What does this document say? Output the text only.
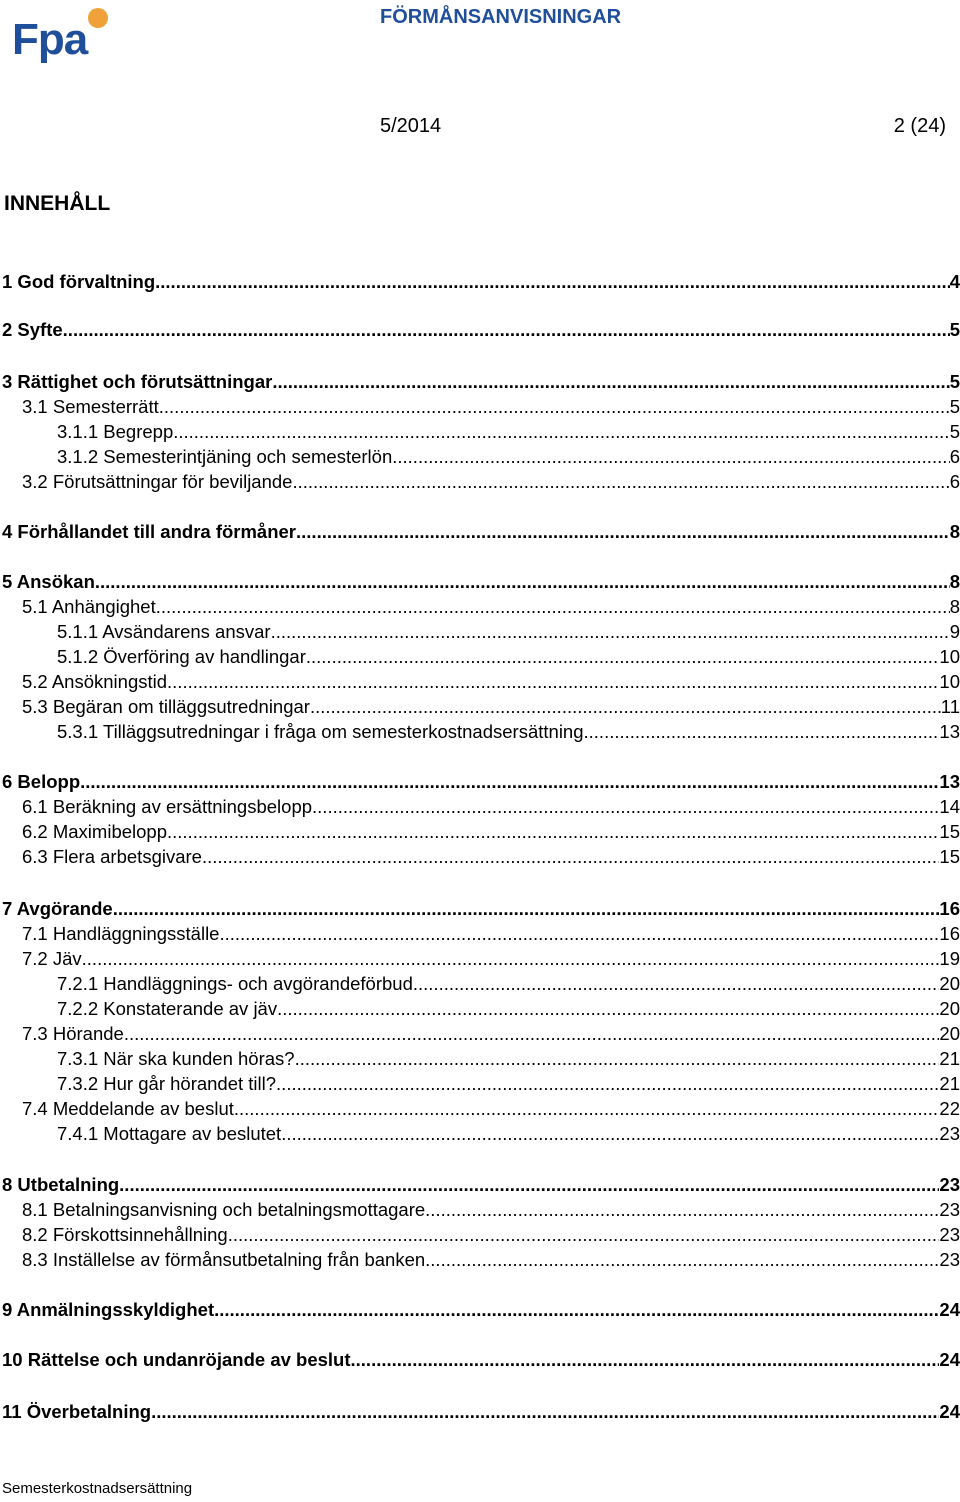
Fpa	FÖRMÅNSANVISNINGAR
5/2014	2 (24)
INNEHÅLL
1 God förvaltning .....	4
2 Syfte .....	5
3 Rättighet och förutsättningar .....	5
3.1 Semesterrätt .....	5
3.1.1 Begrepp .....	5
3.1.2 Semesterintjäning och semesterlön .....	6
3.2 Förutsättningar för beviljande .....	6
4 Förhållandet till andra förmåner .....	8
5 Ansökan .....	8
5.1 Anhängighet .....	8
5.1.1 Avsändarens ansvar .....	9
5.1.2 Överföring av handlingar .....	10
5.2 Ansökningstid .....	10
5.3 Begäran om tilläggsutredningar .....	11
5.3.1 Tilläggsutredningar i fråga om semesterkostnadsersättning .....	13
6 Belopp .....	13
6.1 Beräkning av ersättningsbelopp .....	14
6.2 Maximibelopp .....	15
6.3 Flera arbetsgivare .....	15
7 Avgörande .....	16
7.1 Handläggningsställe .....	16
7.2 Jäv .....	19
7.2.1 Handläggnings- och avgörandeförbud .....	20
7.2.2 Konstaterande av jäv .....	20
7.3 Hörande .....	20
7.3.1 När ska kunden höras? .....	21
7.3.2 Hur går hörandet till? .....	21
7.4 Meddelande av beslut .....	22
7.4.1 Mottagare av beslutet .....	23
8 Utbetalning .....	23
8.1 Betalningsanvisning och betalningsmottagare .....	23
8.2 Förskottsinnehållning .....	23
8.3 Inställelse av förmånsutbetalning från banken .....	23
9 Anmälningsskyldighet .....	24
10 Rättelse och undanröjande av beslut .....	24
11 Överbetalning .....	24
Semesterkostnadsersättning
